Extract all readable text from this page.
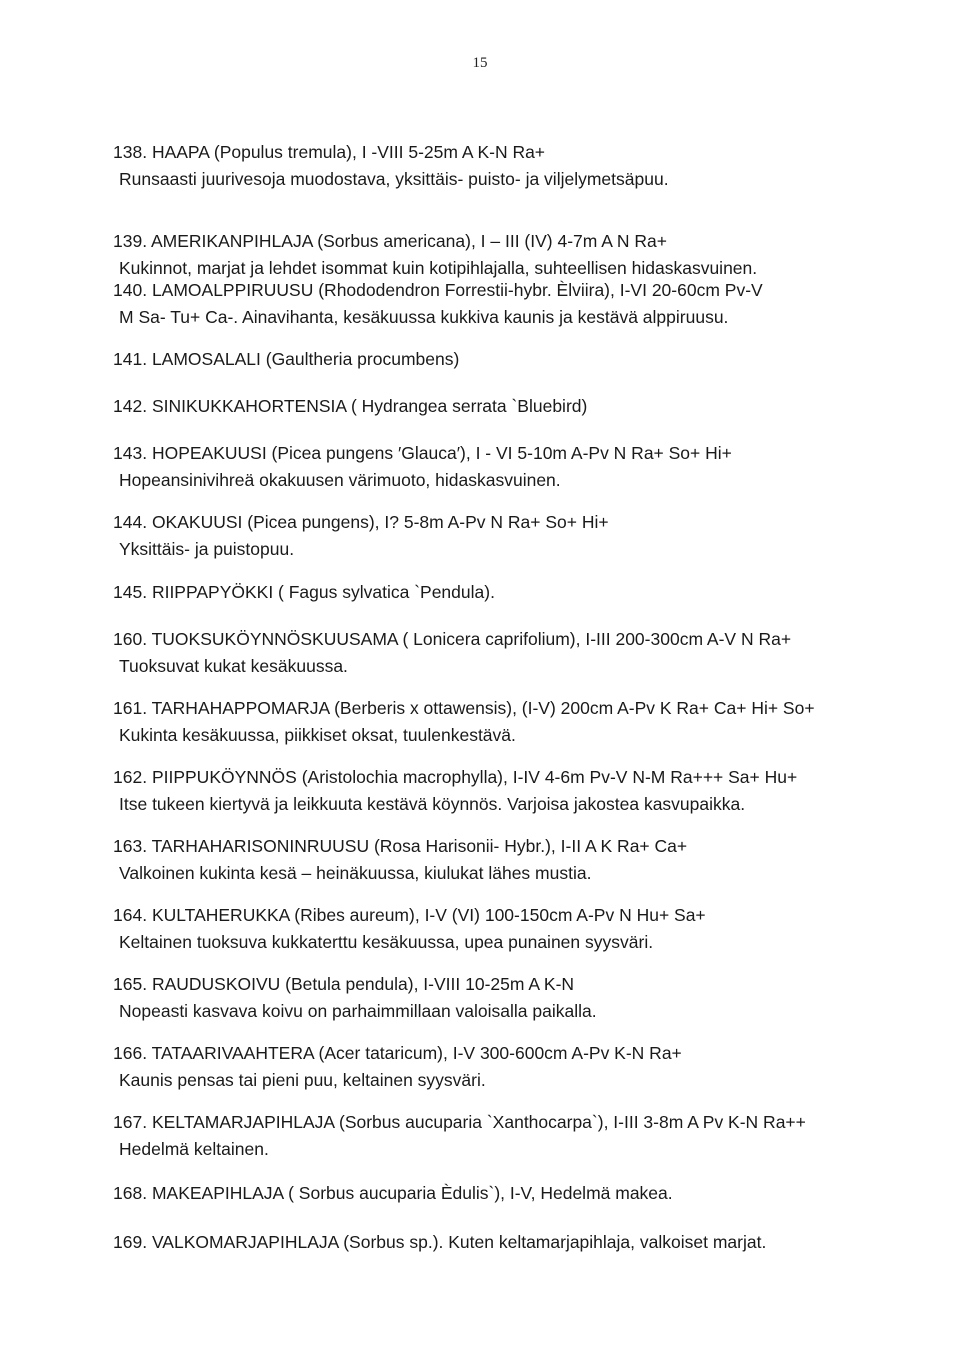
15
138. HAAPA (Populus tremula), I -VIII 5-25m A K-N Ra+
Runsaasti juurivesoja muodostava, yksittäis- puisto- ja viljelymetsäpuu.
139. AMERIKANPIHLAJA (Sorbus americana), I – III (IV) 4-7m A N Ra+
Kukinnot, marjat ja lehdet isommat kuin kotipihlajalla, suhteellisen hidaskasvuinen.
140. LAMOALPPIRUUSU (Rhododendron Forrestii-hybr. Èlviira), I-VI 20-60cm Pv-V
M Sa- Tu+ Ca-. Ainavihanta, kesäkuussa kukkiva kaunis ja kestävä alppiruusu.
141. LAMOSALALI (Gaultheria procumbens)
142. SINIKUKKAHORTENSIA ( Hydrangea serrata `Bluebird)
143. HOPEAKUUSI (Picea pungens ′Glauca′), I - VI 5-10m A-Pv N Ra+ So+ Hi+
Hopeansinivihreä okakuusen värimuoto, hidaskasvuinen.
144. OKAKUUSI (Picea pungens), I? 5-8m A-Pv N Ra+ So+ Hi+
Yksittäis- ja puistopuu.
145. RIIPPAPYÖKKI ( Fagus sylvatica `Pendula).
160. TUOKSUKÖYNNÖSKUUSAMA ( Lonicera caprifolium), I-III 200-300cm A-V N Ra+
Tuoksuvat kukat kesäkuussa.
161. TARHAHAPPOMARJA (Berberis x ottawensis), (I-V) 200cm A-Pv K Ra+ Ca+ Hi+ So+
Kukinta kesäkuussa, piikkiset oksat, tuulenkestävä.
162. PIIPPUKÖYNNÖS (Aristolochia macrophylla), I-IV 4-6m Pv-V N-M Ra+++ Sa+ Hu+
Itse tukeen kiertyvä ja leikkuuta kestävä köynnös. Varjoisa jakostea kasvupaikka.
163. TARHAHARISONINRUUSU (Rosa Harisonii- Hybr.), I-II A K Ra+ Ca+
Valkoinen kukinta kesä – heinäkuussa, kiulukat lähes mustia.
164. KULTAHERUKKA (Ribes aureum), I-V (VI) 100-150cm A-Pv N Hu+ Sa+
Keltainen tuoksuva kukkaterttu kesäkuussa, upea punainen syysväri.
165. RAUDUSKOIVU (Betula pendula), I-VIII 10-25m A K-N
Nopeasti kasvava koivu on parhaimmillaan valoisalla paikalla.
166. TATAARIVAAHTERA (Acer tataricum), I-V 300-600cm A-Pv K-N Ra+
Kaunis pensas tai pieni puu, keltainen syysväri.
167. KELTAMARJAPIHLAJA (Sorbus aucuparia `Xanthocarpa`), I-III 3-8m A Pv K-N Ra++
Hedelmä keltainen.
168. MAKEAPIHLAJA ( Sorbus aucuparia Èdulis`), I-V, Hedelmä makea.
169. VALKOMARJAPIHLAJA (Sorbus sp.). Kuten keltamarjapihlaja, valkoiset marjat.
